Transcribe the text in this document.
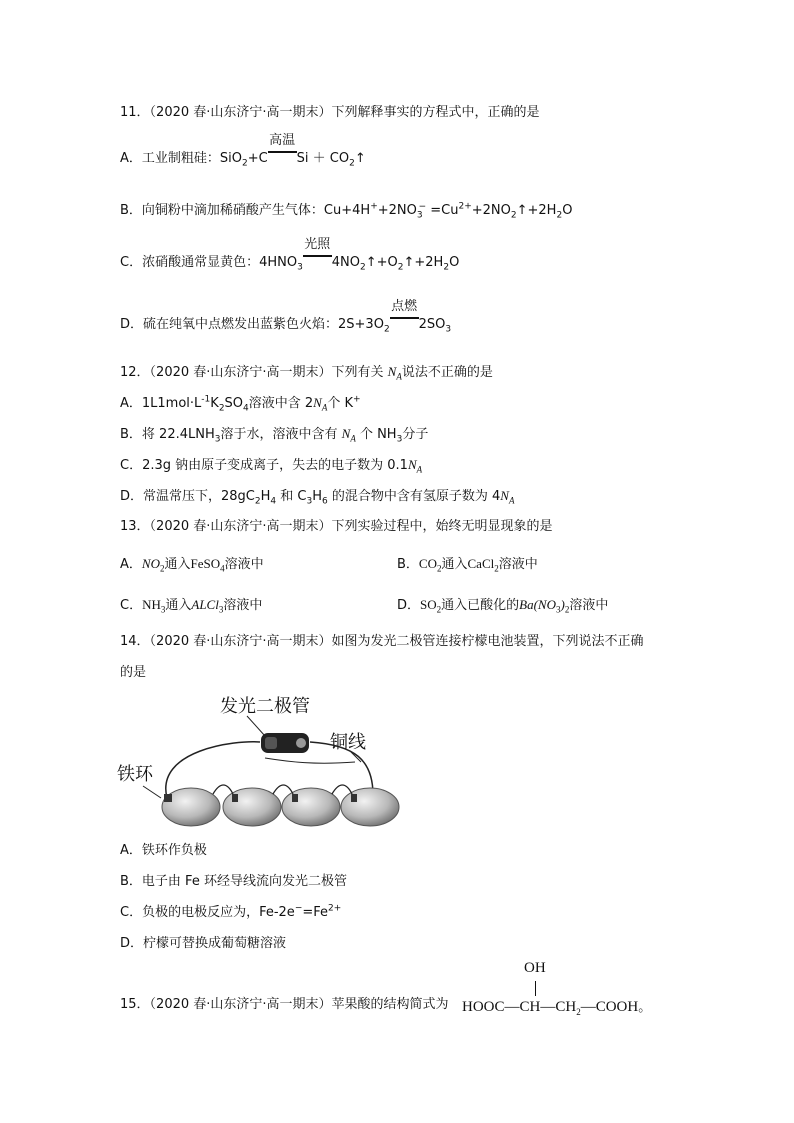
11．（2020 春·山东济宁·高一期末）下列解释事实的方程式中，正确的是
A．工业制粗硅：SiO$_2$+C
高温
$Si + CO_2↑$
B．向铜粉中滴加稀硝酸产生气体：$Cu+4H^++2NO_3^-$ $=Cu^{2+}+2NO_2↑+2H_2O$
C．浓硝酸通常显黄色：$4HNO_3$
光照
$4NO_2↑+O_2↑+2H_2O$
D．硫在纯氧中点燃发出蓝紫色火焰：$2S+3O_2$
点燃
$2SO_3$
12．（2020 春·山东济宁·高一期末）下列有关 $N_A$说法不正确的是
A．$1L1mol\cdot L^{-1}K_2SO_4$溶液中含 $2N_A$个 K+
B．将 $22.4LNH_3$溶于水，溶液中含有 $N_A$ 个 $NH_3$分子
C．2.3g 钠由原子变成离子，失去的电子数为 $0.1N_A$
D．常温常压下，$28gC_2H_4$ 和 $C_3H_6$ 的混合物中含有氢原子数为 $4N_A$
13．（2020 春·山东济宁·高一期末）下列实验过程中，始终无明显现象的是
A．$NO_2$通入FeSO$_4$溶液中	B．$CO_2$通入CaCl$_2$溶液中
C．$NH_3$通入ALCl$_3$溶液中	D．$SO_2$通入已酸化的$Ba(NO_3)_2$溶液中
14．（2020 春·山东济宁·高一期末）如图为发光二极管连接柠檬电池装置，下列说法不正确
的是
发光二极管
铜线
铁环
A．铁环作负极
B．电子由 Fe 环经导线流向发光二极管
C．负极的电极反应为，$Fe-2e^-=Fe^{2+}$
D．柠檬可替换成葡萄糖溶液
15．（2020 春·山东济宁·高一期末）苹果酸的结构简式为
OH
$HOOC—CH—CH_2—COOH$。
